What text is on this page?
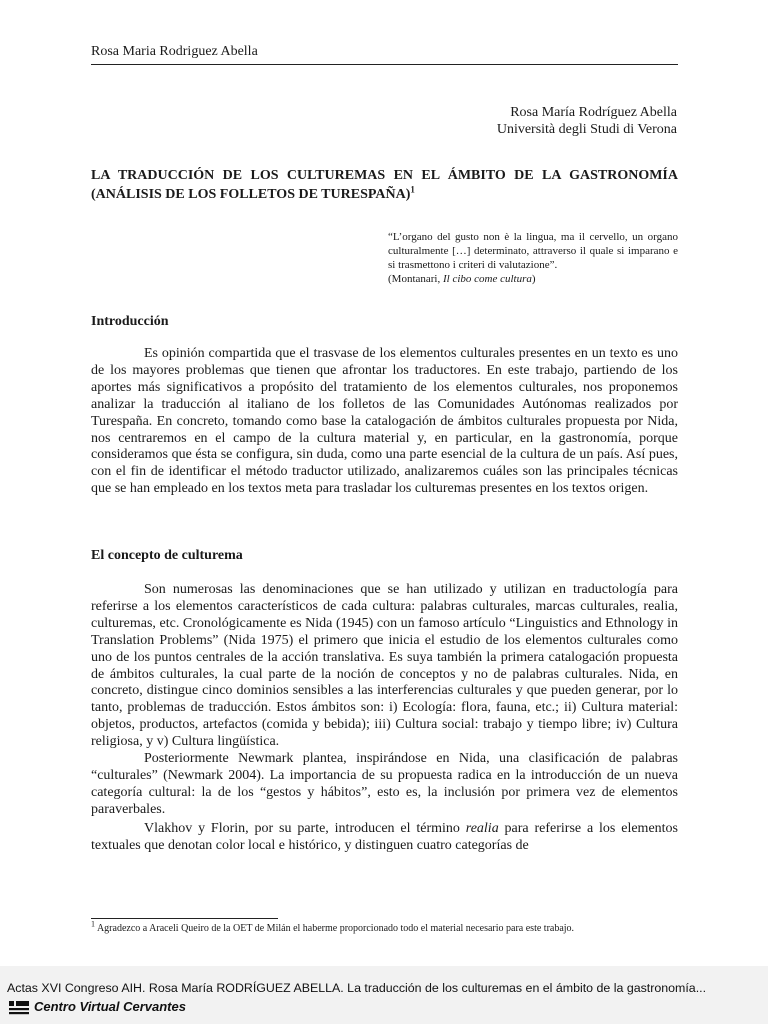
Rosa Maria Rodriguez Abella
Rosa María Rodríguez Abella
Università degli Studi di Verona
LA TRADUCCIÓN DE LOS CULTUREMAS EN EL ÁMBITO DE LA GASTRONOMÍA (ANÁLISIS DE LOS FOLLETOS DE TURESPAÑA)$^1$
“L’organo del gusto non è la lingua, ma il cervello, un organo culturalmente […] determinato, attraverso il quale si imparano e si trasmettono i criteri di valutazione”.
(Montanari, Il cibo come cultura)
Introducción

Es opinión compartida que el trasvase de los elementos culturales presentes en un texto es uno de los mayores problemas que tienen que afrontar los traductores. En este trabajo, partiendo de los aportes más significativos a propósito del tratamiento de los elementos culturales, nos proponemos analizar la traducción al italiano de los folletos de las Comunidades Autónomas realizados por Turespaña. En concreto, tomando como base la catalogación de ámbitos culturales propuesta por Nida, nos centraremos en el campo de la cultura material y, en particular, en la gastronomía, porque consideramos que ésta se configura, sin duda, como una parte esencial de la cultura de un país. Así pues, con el fin de identificar el método traductor utilizado, analizaremos cuáles son las principales técnicas que se han empleado en los textos meta para trasladar los culturemas presentes en los textos origen.

El concepto de culturema

Son numerosas las denominaciones que se han utilizado y utilizan en traductología para referirse a los elementos característicos de cada cultura: palabras culturales, marcas culturales, realia, culturemas, etc. Cronológicamente es Nida (1945) con un famoso artículo “Linguistics and Ethnology in Translation Problems” (Nida 1975) el primero que inicia el estudio de los elementos culturales como uno de los puntos centrales de la acción translativa. Es suya también la primera catalogación propuesta de ámbitos culturales, la cual parte de la noción de conceptos y no de palabras culturales. Nida, en concreto, distingue cinco dominios sensibles a las interferencias culturales y que pueden generar, por lo tanto, problemas de traducción. Estos ámbitos son: i) Ecología: flora, fauna, etc.; ii) Cultura material: objetos, productos, artefactos (comida y bebida); iii) Cultura social: trabajo y tiempo libre; iv) Cultura religiosa, y v) Cultura lingüística.

Posteriormente Newmark plantea, inspirándose en Nida, una clasificación de palabras “culturales” (Newmark 2004). La importancia de su propuesta radica en la introducción de un nueva categoría cultural: la de los “gestos y hábitos”, esto es, la inclusión por primera vez de elementos paraverbales.

Vlakhov y Florin, por su parte, introducen el término realia para referirse a los elementos textuales que denotan color local e histórico, y distinguen cuatro categorías de

$^1$ Agradezco a Araceli Queiro de la OET de Milán el haberme proporcionado todo el material necesario para este trabajo.
Actas XVI Congreso AIH. Rosa María RODRÍGUEZ ABELLA. La traducción de los culturemas en el ámbito de la gastronomía...
Centro Virtual Cervantes
